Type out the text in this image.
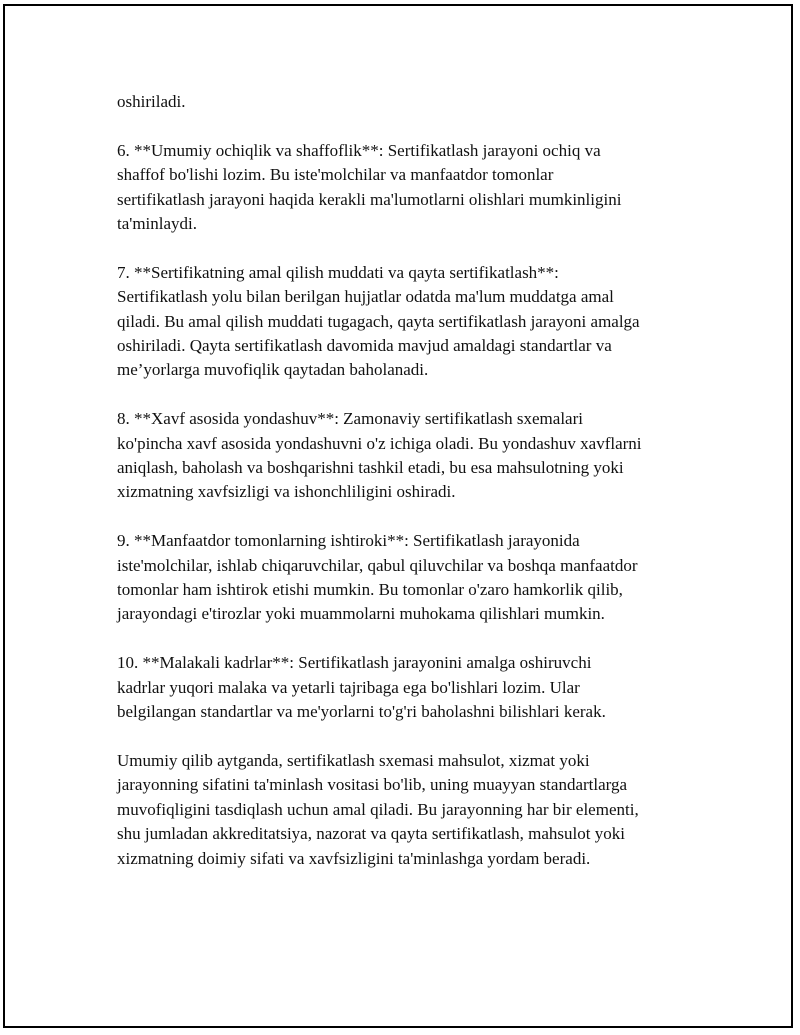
oshiriladi.
6. **Umumiy ochiqlik va shaffoflik**: Sertifikatlash jarayoni ochiq va
shaffof bo'lishi lozim. Bu iste'molchilar va manfaatdor tomonlar
sertifikatlash jarayoni haqida kerakli ma'lumotlarni olishlari mumkinligini
ta'minlaydi.
7. **Sertifikatning amal qilish muddati va qayta sertifikatlash**:
Sertifikatlash yolu bilan berilgan hujjatlar odatda ma'lum muddatga amal
qiladi. Bu amal qilish muddati tugagach, qayta sertifikatlash jarayoni amalga
oshiriladi. Qayta sertifikatlash davomida mavjud amaldagi standartlar va
me’yorlarga muvofiqlik qaytadan baholanadi.
8. **Xavf asosida yondashuv**: Zamonaviy sertifikatlash sxemalari
ko'pincha xavf asosida yondashuvni o'z ichiga oladi. Bu yondashuv xavflarni
aniqlash, baholash va boshqarishni tashkil etadi, bu esa mahsulotning yoki
xizmatning xavfsizligi va ishonchliligini oshiradi.
9. **Manfaatdor tomonlarning ishtiroki**: Sertifikatlash jarayonida
iste'molchilar, ishlab chiqaruvchilar, qabul qiluvchilar va boshqa manfaatdor
tomonlar ham ishtirok etishi mumkin. Bu tomonlar o'zaro hamkorlik qilib,
jarayondagi e'tirozlar yoki muammolarni muhokama qilishlari mumkin.
10. **Malakali kadrlar**: Sertifikatlash jarayonini amalga oshiruvchi
kadrlar yuqori malaka va yetarli tajribaga ega bo'lishlari lozim. Ular
belgilangan standartlar va me'yorlarni to'g'ri baholashni bilishlari kerak.
Umumiy qilib aytganda, sertifikatlash sxemasi mahsulot, xizmat yoki
jarayonning sifatini ta'minlash vositasi bo'lib, uning muayyan standartlarga
muvofiqligini tasdiqlash uchun amal qiladi. Bu jarayonning har bir elementi,
shu jumladan akkreditatsiya, nazorat va qayta sertifikatlash, mahsulot yoki
xizmatning doimiy sifati va xavfsizligini ta'minlashga yordam beradi.
